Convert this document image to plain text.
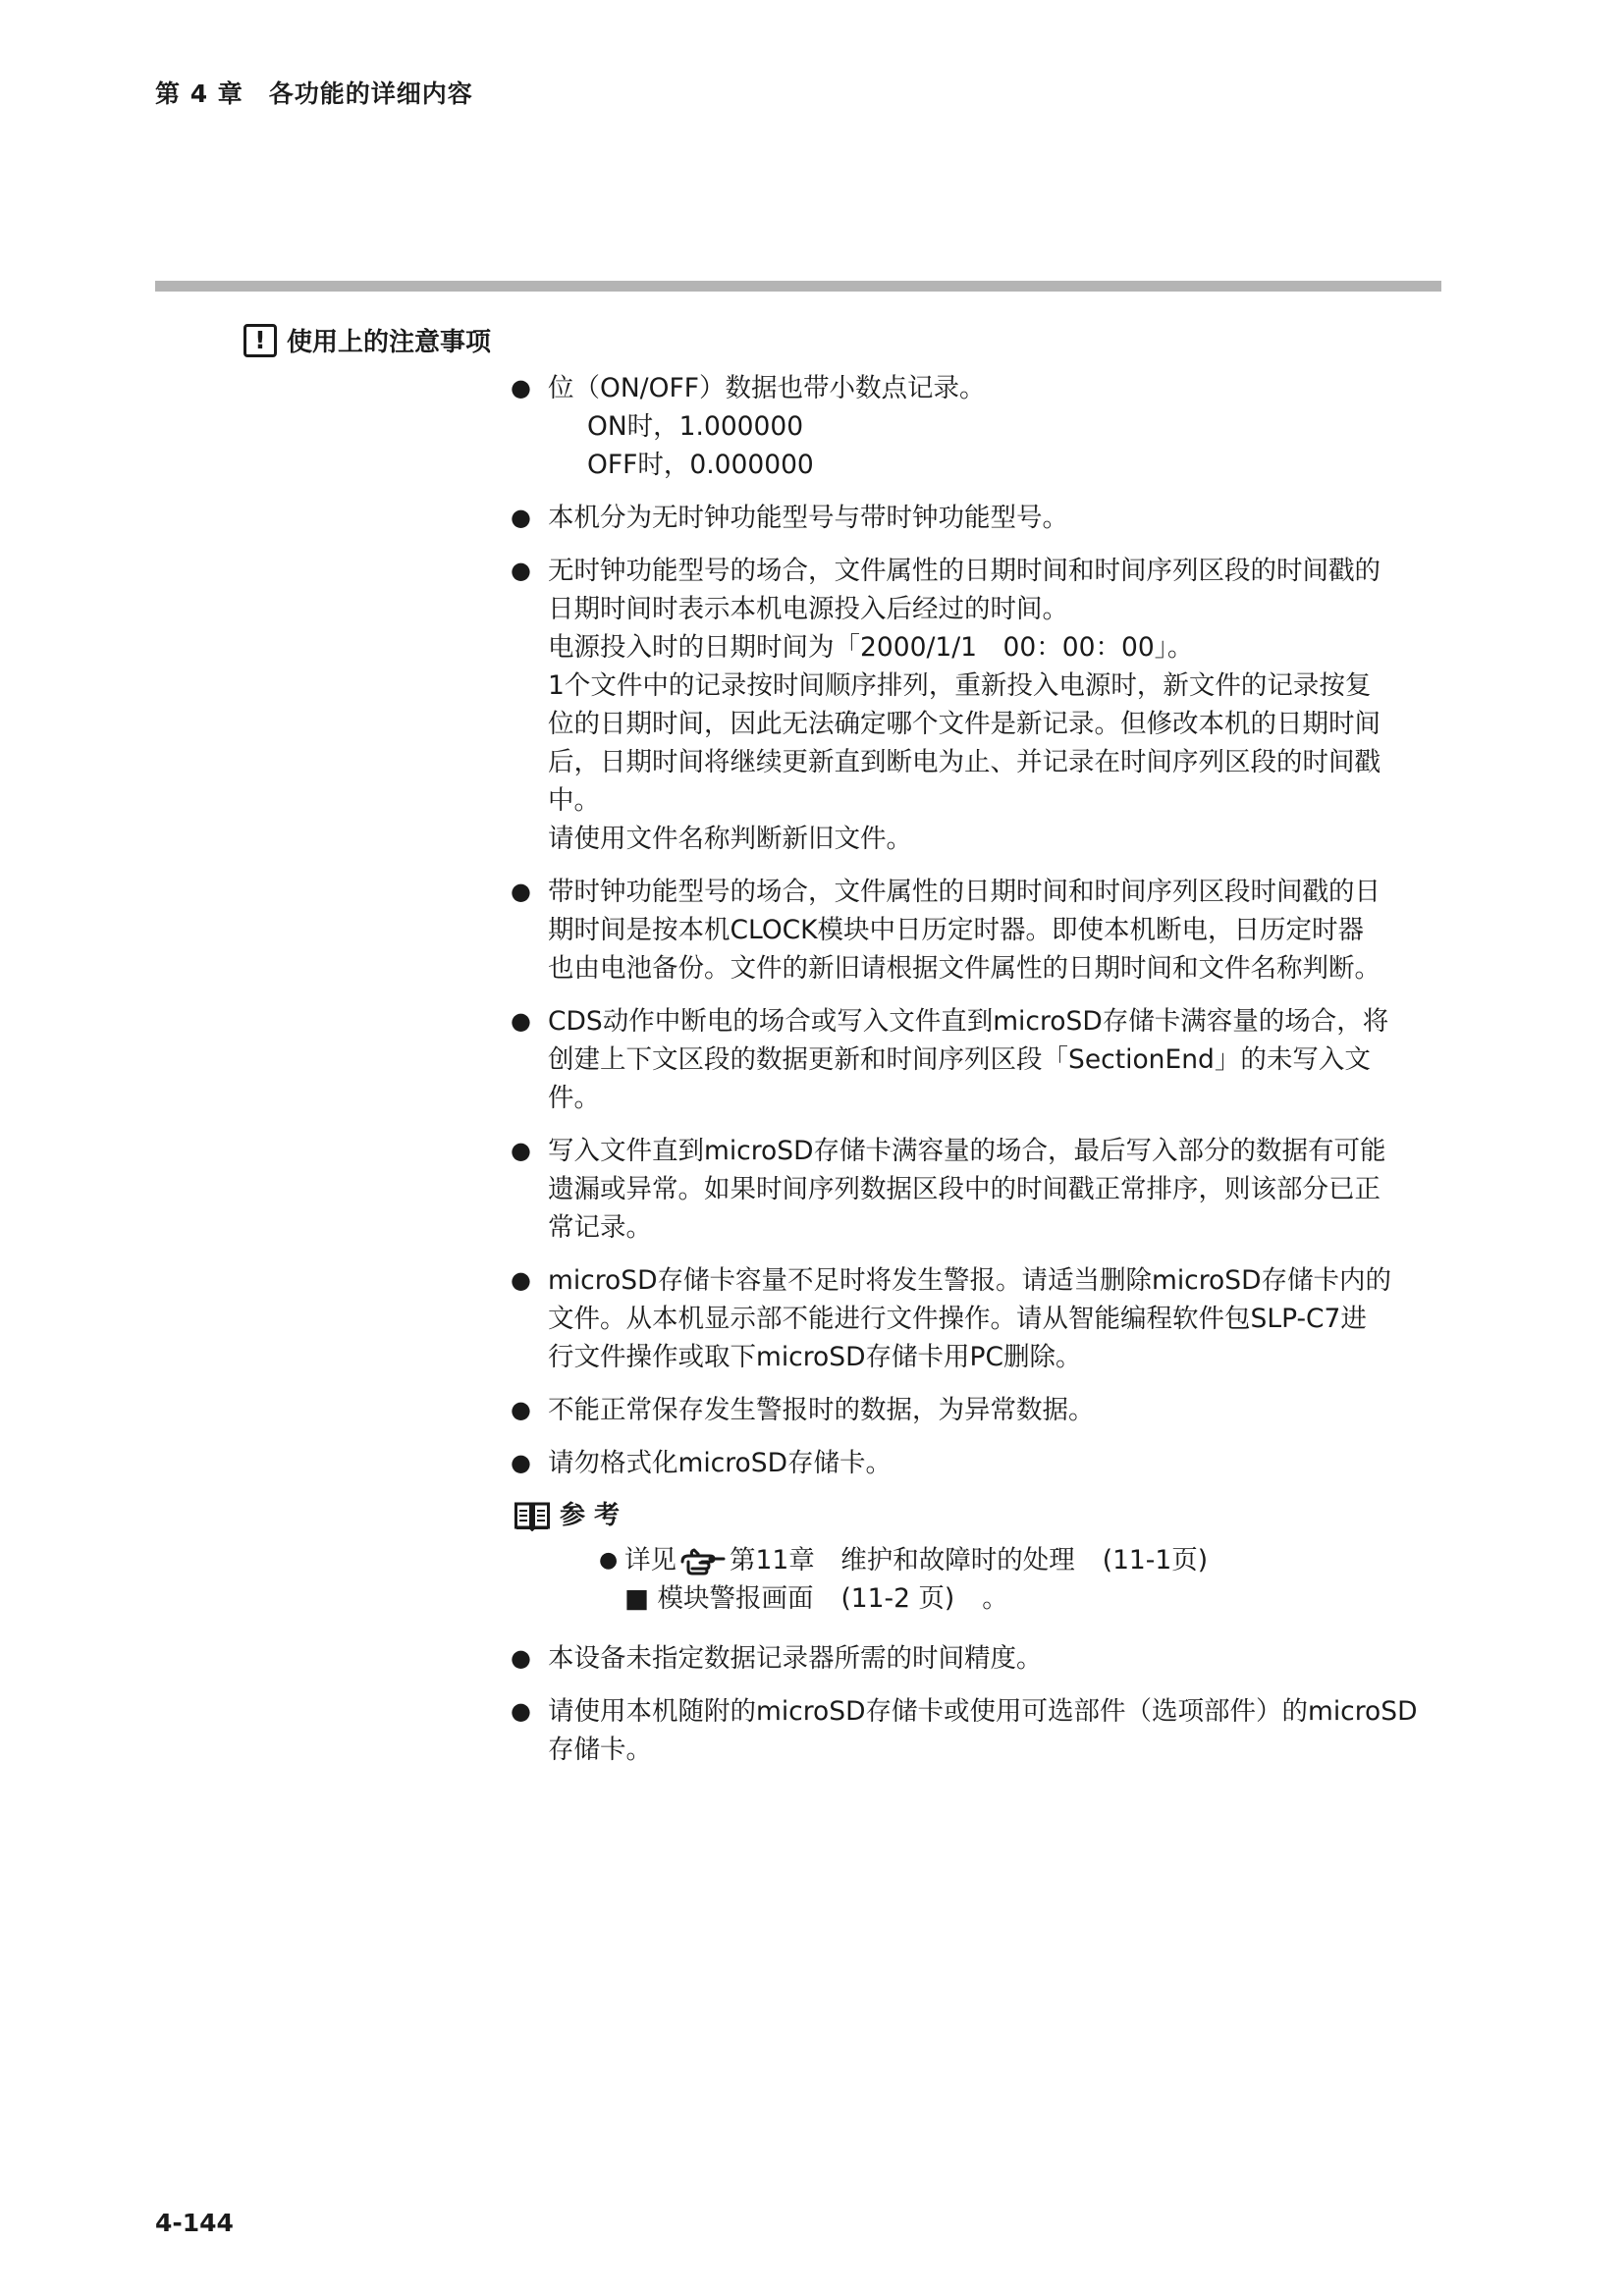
第 4 章　各功能的详细内容
! 使用上的注意事项
● 位（ON/OFF）数据也带小数点记录。

ON时，1.000000

OFF时，0.000000

● 本机分为无时钟功能型号与带时钟功能型号。

● 无时钟功能型号的场合，文件属性的日期时间和时间序列区段的时间戳的

日期时间时表示本机电源投入后经过的时间。

电源投入时的日期时间为「2000/1/1　00：00：00」。

1个文件中的记录按时间顺序排列，重新投入电源时，新文件的记录按复

位的日期时间，因此无法确定哪个文件是新记录。但修改本机的日期时间

后，日期时间将继续更新直到断电为止、并记录在时间序列区段的时间戳

中。

请使用文件名称判断新旧文件。

● 带时钟功能型号的场合，文件属性的日期时间和时间序列区段时间戳的日

期时间是按本机CLOCK模块中日历定时器。即使本机断电，日历定时器

也由电池备份。文件的新旧请根据文件属性的日期时间和文件名称判断。

● CDS动作中断电的场合或写入文件直到microSD存储卡满容量的场合，将

创建上下文区段的数据更新和时间序列区段「SectionEnd」的未写入文

件。

● 写入文件直到microSD存储卡满容量的场合，最后写入部分的数据有可能

遗漏或异常。如果时间序列数据区段中的时间戳正常排序，则该部分已正

常记录。

● microSD存储卡容量不足时将发生警报。请适当删除microSD存储卡内的

文件。从本机显示部不能进行文件操作。请从智能编程软件包SLP-C7进

行文件操作或取下microSD存储卡用PC删除。

● 不能正常保存发生警报时的数据，为异常数据。

● 请勿格式化microSD存储卡。

参 考
● 详见 第11章　维护和故障时的处理 (11-1页)
■ 模块警报画面 (11-2 页) 。
● 本设备未指定数据记录器所需的时间精度。

● 请使用本机随附的microSD存储卡或使用可选部件（选项部件）的microSD

存储卡。

4-144
